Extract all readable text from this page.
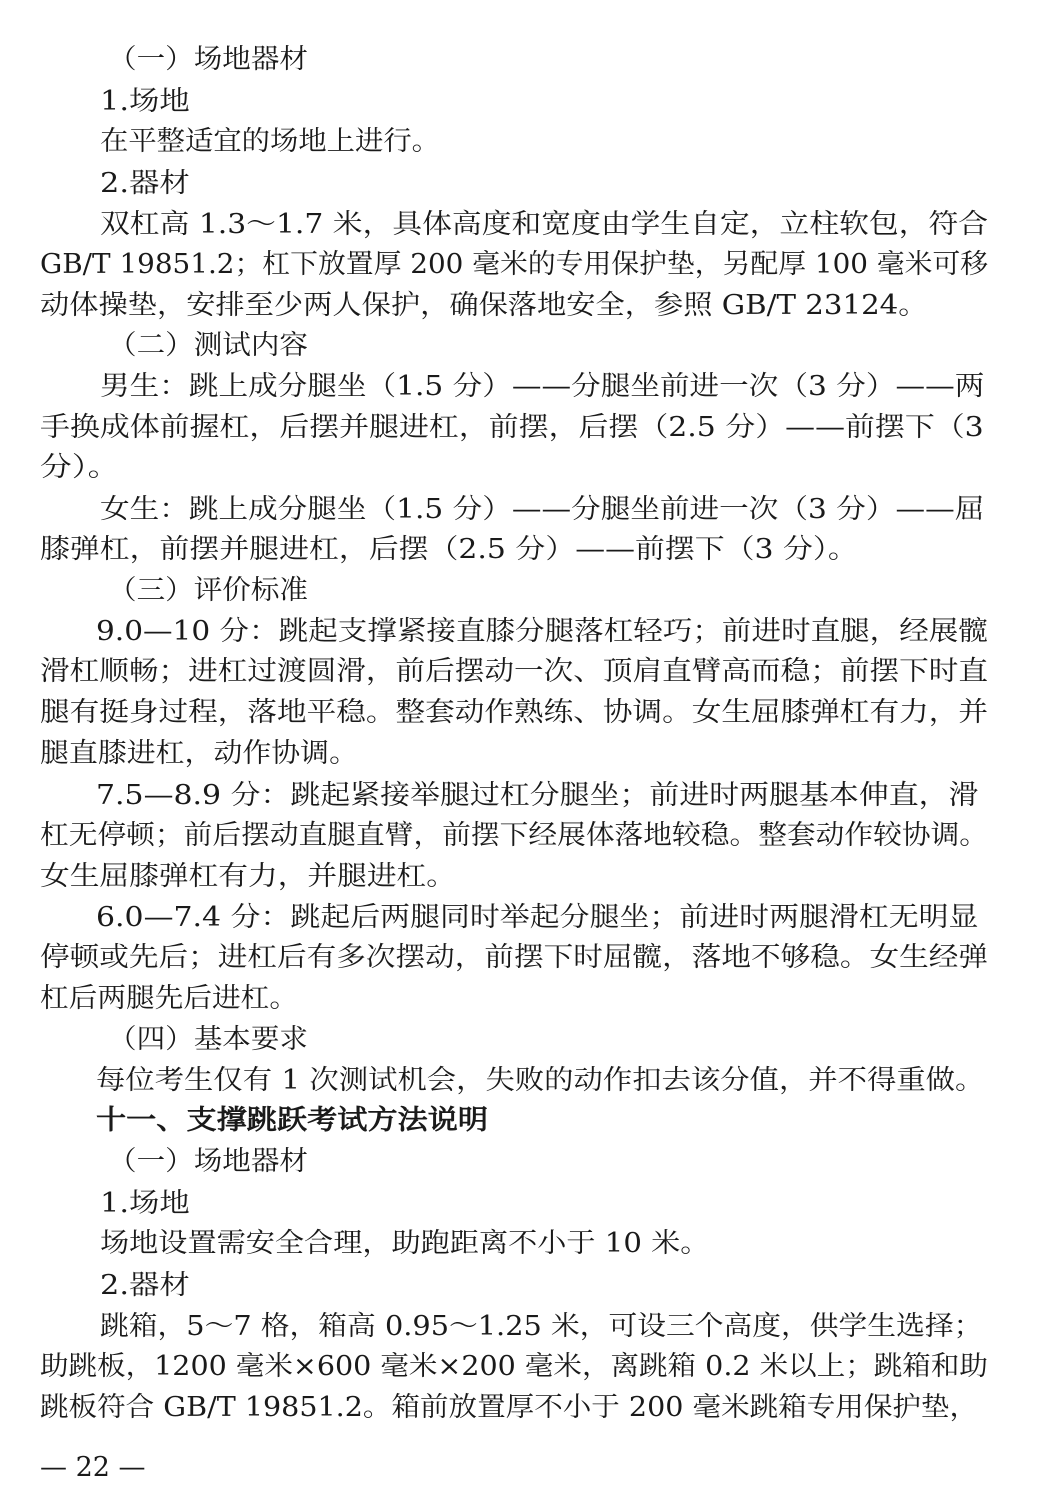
（一）场地器材
1.场地
在平整适宜的场地上进行。
2.器材
双杠高 1.3～1.7 米，具体高度和宽度由学生自定，立柱软包，符合
GB/T 19851.2；杠下放置厚 200 毫米的专用保护垫，另配厚 100 毫米可移
动体操垫，安排至少两人保护，确保落地安全，参照 GB/T 23124。
（二）测试内容
男生：跳上成分腿坐（1.5 分）——分腿坐前进一次（3 分）——两
手换成体前握杠，后摆并腿进杠，前摆，后摆（2.5 分）——前摆下（3
分）。
女生：跳上成分腿坐（1.5 分）——分腿坐前进一次（3 分）——屈
膝弹杠，前摆并腿进杠，后摆（2.5 分）——前摆下（3 分）。
（三）评价标准
9.0—10 分：跳起支撑紧接直膝分腿落杠轻巧；前进时直腿，经展髋
滑杠顺畅；进杠过渡圆滑，前后摆动一次、顶肩直臂高而稳；前摆下时直
腿有挺身过程，落地平稳。整套动作熟练、协调。女生屈膝弹杠有力，并
腿直膝进杠，动作协调。
7.5—8.9 分：跳起紧接举腿过杠分腿坐；前进时两腿基本伸直，滑
杠无停顿；前后摆动直腿直臂，前摆下经展体落地较稳。整套动作较协调。
女生屈膝弹杠有力，并腿进杠。
6.0—7.4 分：跳起后两腿同时举起分腿坐；前进时两腿滑杠无明显
停顿或先后；进杠后有多次摆动，前摆下时屈髋，落地不够稳。女生经弹
杠后两腿先后进杠。
（四）基本要求
每位考生仅有 1 次测试机会，失败的动作扣去该分值，并不得重做。
十一、支撑跳跃考试方法说明
（一）场地器材
1.场地
场地设置需安全合理，助跑距离不小于 10 米。
2.器材
跳箱，5～7 格，箱高 0.95～1.25 米，可设三个高度，供学生选择；
助跳板，1200 毫米×600 毫米×200 毫米，离跳箱 0.2 米以上；跳箱和助
跳板符合 GB/T 19851.2。箱前放置厚不小于 200 毫米跳箱专用保护垫，
— 22 —
